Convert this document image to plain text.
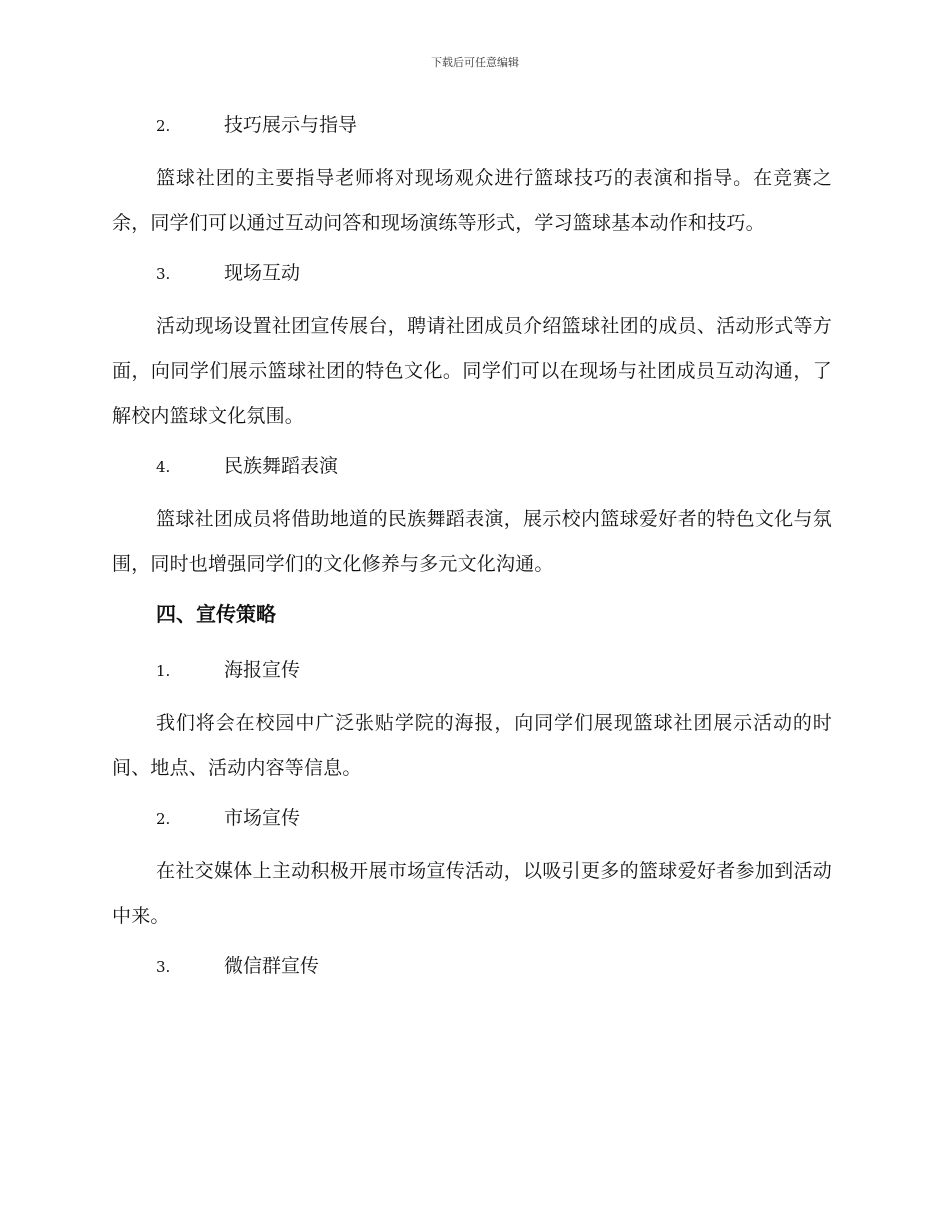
下载后可任意编辑
2.	技巧展示与指导

篮球社团的主要指导老师将对现场观众进行篮球技巧的表演和指导。在竞赛之余，同学们可以通过互动问答和现场演练等形式，学习篮球基本动作和技巧。

3.	现场互动

活动现场设置社团宣传展台，聘请社团成员介绍篮球社团的成员、活动形式等方面，向同学们展示篮球社团的特色文化。同学们可以在现场与社团成员互动沟通，了解校内篮球文化氛围。

4.	民族舞蹈表演

篮球社团成员将借助地道的民族舞蹈表演，展示校内篮球爱好者的特色文化与氛围，同时也增强同学们的文化修养与多元文化沟通。

四、宣传策略
1.	海报宣传

我们将会在校园中广泛张贴学院的海报，向同学们展现篮球社团展示活动的时间、地点、活动内容等信息。

2.	市场宣传

在社交媒体上主动积极开展市场宣传活动，以吸引更多的篮球爱好者参加到活动中来。

3.	微信群宣传
